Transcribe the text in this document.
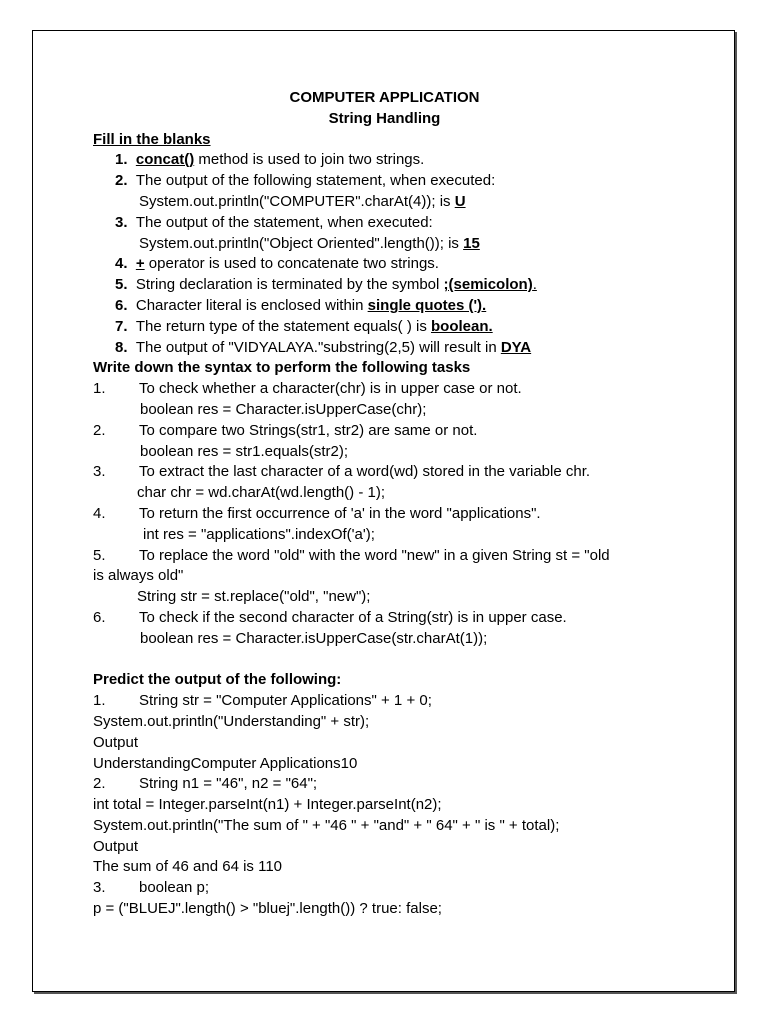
COMPUTER APPLICATION
String Handling
Fill in the blanks
1. concat() method is used to join two strings.
2. The output of the following statement, when executed:
System.out.println("COMPUTER".charAt(4)); is U
3. The output of the statement, when executed:
System.out.println("Object Oriented".length()); is 15
4. + operator is used to concatenate two strings.
5. String declaration is terminated by the symbol ;(semicolon).
6. Character literal is enclosed within single quotes (').
7. The return type of the statement equals( ) is boolean.
8. The output of "VIDYALAYA."substring(2,5) will result in DYA
Write down the syntax to perform the following tasks
1. To check whether a character(chr) is in upper case or not.
boolean res = Character.isUpperCase(chr);
2. To compare two Strings(str1, str2) are same or not.
boolean res = str1.equals(str2);
3. To extract the last character of a word(wd) stored in the variable chr.
char chr = wd.charAt(wd.length() - 1);
4. To return the first occurrence of 'a' in the word "applications".
int res = "applications".indexOf('a');
5. To replace the word "old" with the word "new" in a given String st = "old
is always old"
String str = st.replace("old", "new");
6. To check if the second character of a String(str) is in upper case.
boolean res = Character.isUpperCase(str.charAt(1));
Predict the output of the following:
1. String str = "Computer Applications" + 1 + 0;
System.out.println("Understanding" + str);
Output
UnderstandingComputer Applications10
2. String n1 = "46", n2 = "64";
int total = Integer.parseInt(n1) + Integer.parseInt(n2);
System.out.println("The sum of " + "46 " + "and" + " 64" + " is " + total);
Output
The sum of 46 and 64 is 110
3. boolean p;
p = ("BLUEJ".length() > "bluej".length()) ? true: false;
